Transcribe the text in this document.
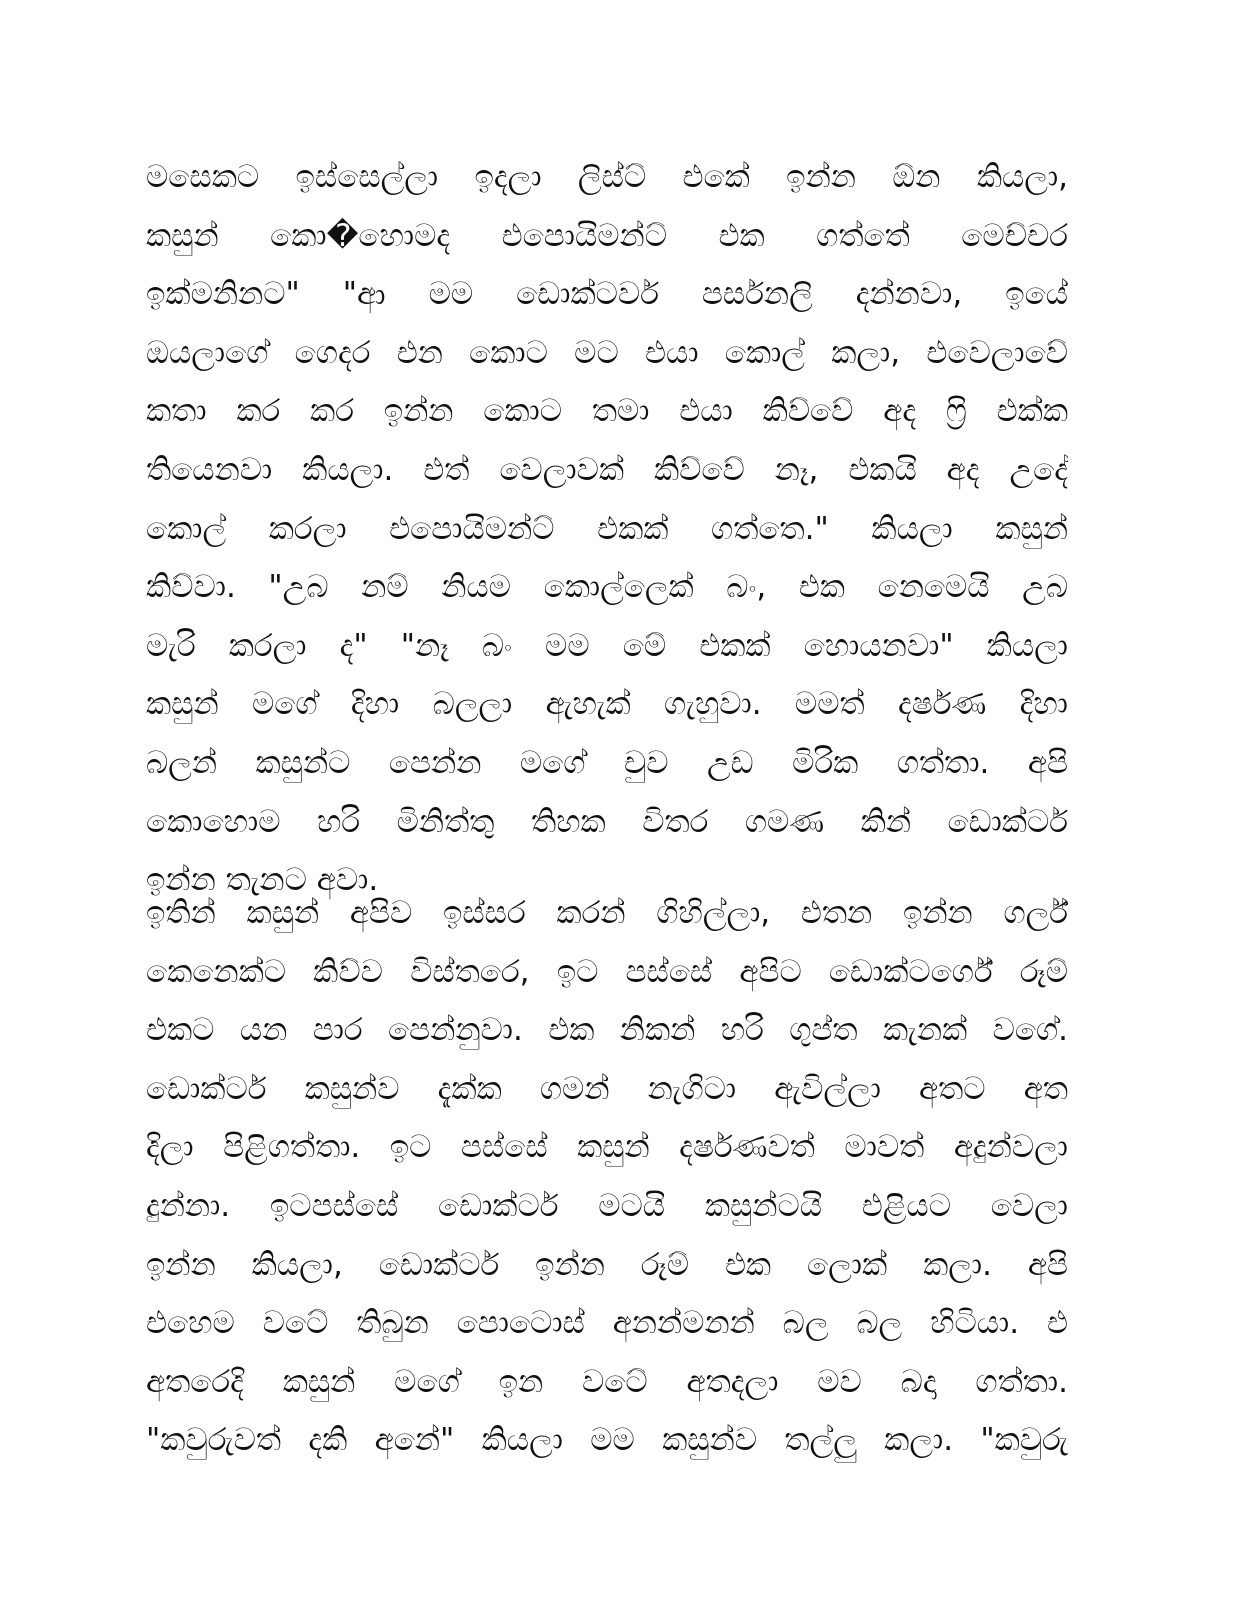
මසෙකට ඉස්සෙල්ලා ඉදලා ලිස්ට් එකේ ඉන්න ඕන කියලා,
කසුන් කො�හොමද එපොයිමන්ට් එක ගත්තේ මෙච්චර
ඉක්මනිනට" "ආ මම ඩොක්ටර්ව පර්සනලි දන්නවා, ඉයේ
ඔයලාගේ ගෙදර එන කොට මට එයා කොල් කලා, එවෙලාවේ
කතා කර කර ඉන්න කොට තමා එයා කිව්වේ අද ෆ්‍රි එක්ක
තියෙනවා කියලා. එත් වෙලාවක් කිව්වේ නෑ, එකයි අද උදේ
කොල් කරලා එපොයිමන්ට් එකක් ගත්තෙ." කියලා කසුන්
කිව්වා. "උබ නම් නියම කොල්ලෙක් බං, එක නෙමෙයි උබ
මැරි කරලා ද" "නෑ බං මම මේ එකක් හොයනවා" කියලා
කසුන් මගේ දිහා බලලා ඇහැක් ගැහුවා. මමත් දර්ෂණ දිහා
බලන් කසුන්ට පෙන්න මගේ චුව උඩ මිරික ගත්තා. අපි
කොහොම හරි මිනිත්තු තිහක විතර ගමණ කින් ඩොක්ටර්
ඉන්න තැනට අවා.
ඉතින් කසුන් අපිව ඉස්සර කරන් ගිහිල්ලා, එතන ඉන්න ගර්ල්
කෙනෙක්ට කිව්ව විස්තරෙ, ඉට පස්සේ අපිට ඩොක්ටර්ගේ රූම්
එකට යන පාර පෙන්නුවා. එක නිකන් හරි ගුප්ත කැනක් වගේ.
ඩොක්ටර් කසුන්ව දැක්ක ගමන් නැගිටා ඇවිල්ලා අතට අත
දිලා පිළිගත්තා. ඉට පස්සේ කසුන් දර්ෂණවත් මාවත් අදුන්වලා
දුන්නා. ඉටපස්සේ ඩොක්ටර් මටයි කසුන්ටයි එළියට වෙලා
ඉන්න කියලා, ඩොක්ටර් ඉන්න රූම් එක ලොක් කලා. අපි
එහෙම වටේ තිබුන පොටොස් අනන්මනන් බල බල හිටියා. එ
අතරෙදි කසුන් මගේ ඉන වටේ අතදලා මව බදා ගත්තා.
"කවුරුවත් දකි අනේ" කියලා මම කසුන්ව තල්ලු කලා. "කවුරු
